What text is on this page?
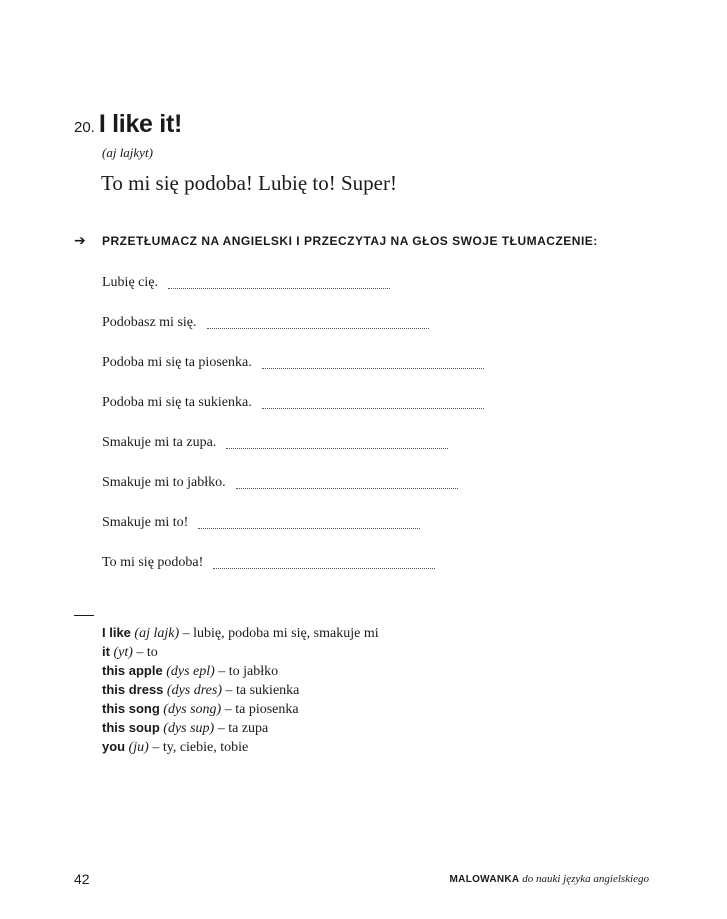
20. I like it!
(aj lajkyt)
To mi się podoba! Lubię to! Super!
➔	PRZETŁUMACZ NA ANGIELSKI I PRZECZYTAJ NA GŁOS SWOJE TŁUMACZENIE:
Lubię cię.
Podobasz mi się.
Podoba mi się ta piosenka.
Podoba mi się ta sukienka.
Smakuje mi ta zupa.
Smakuje mi to jabłko.
Smakuje mi to!
To mi się podoba!
I like (aj lajk) – lubię, podoba mi się, smakuje mi
it (yt) – to
this apple (dys epl) – to jabłko
this dress (dys dres) – ta sukienka
this song (dys song) – ta piosenka
this soup (dys sup) – ta zupa
you (ju) – ty, ciebie, tobie
42	MALOWANKA do nauki języka angielskiego
